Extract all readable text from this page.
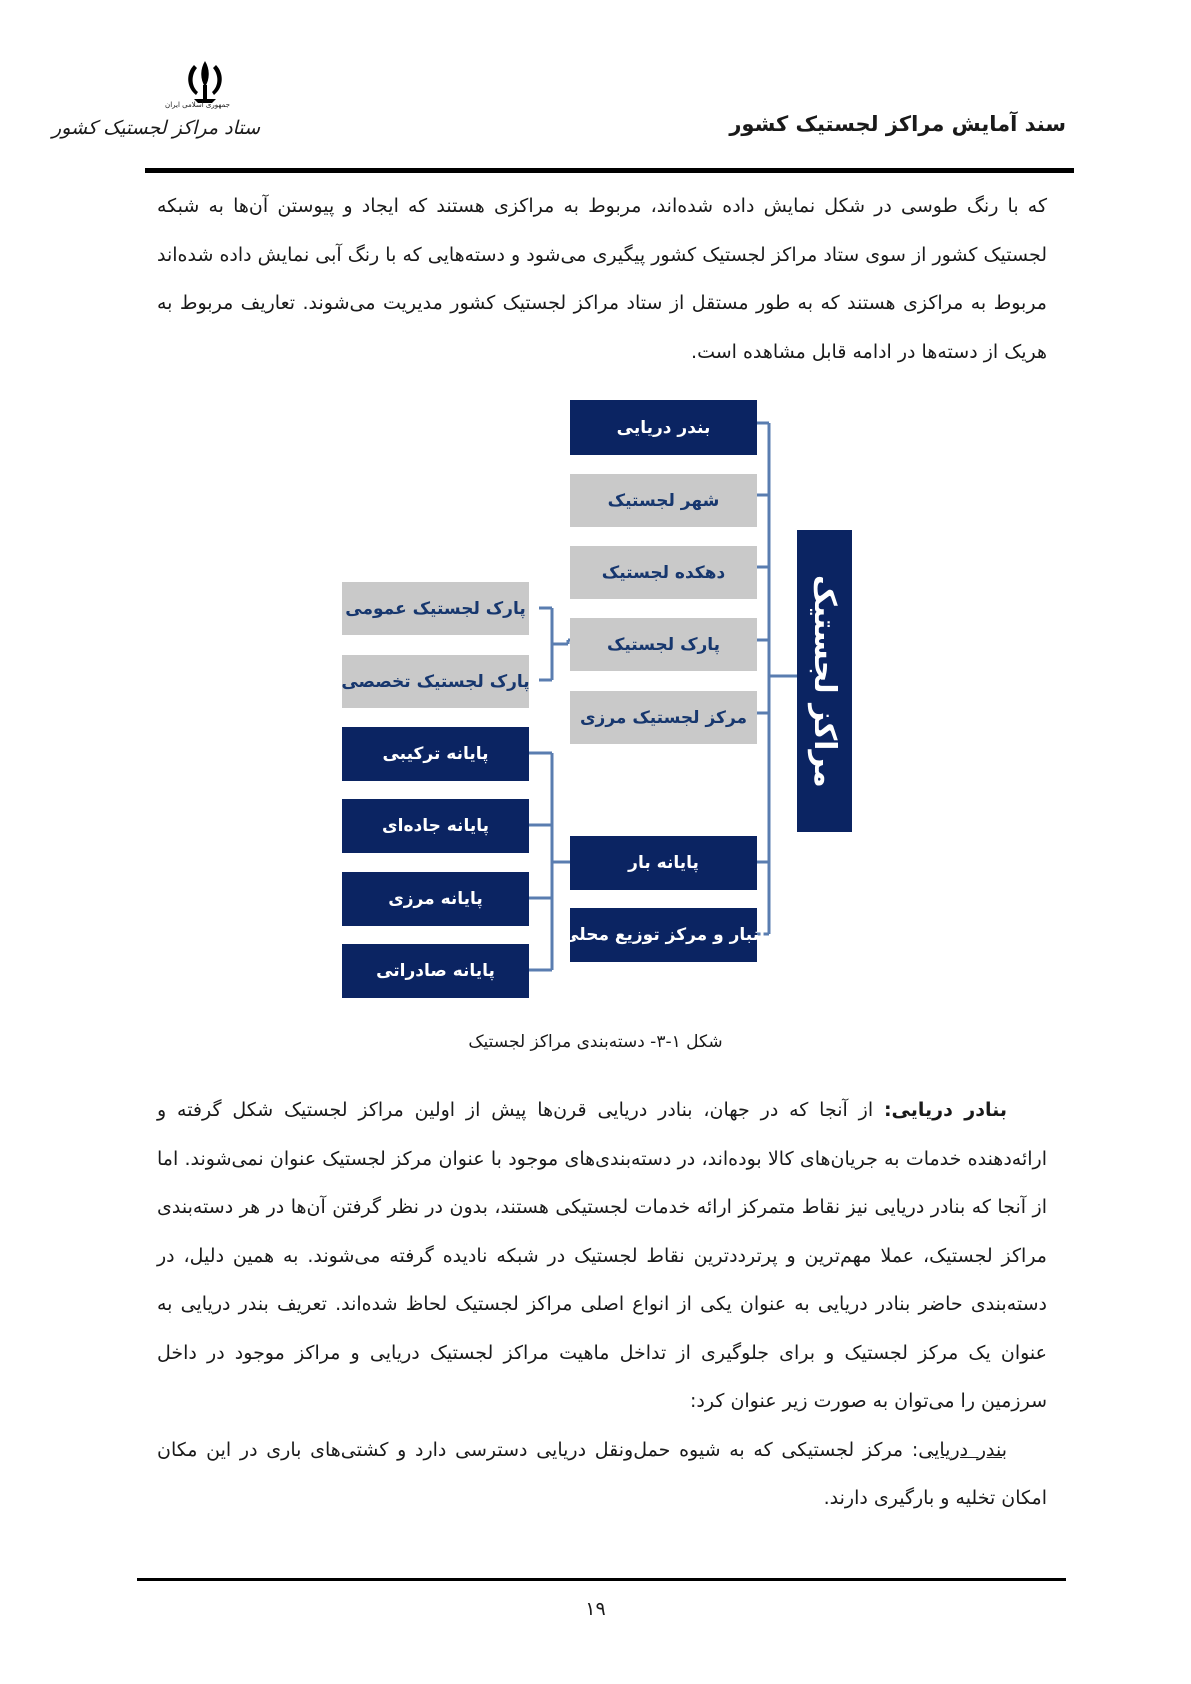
جمهوری اسلامی ایران
ستاد مراکز لجستیک کشور	سند آمایش مراکز لجستیک کشور

که با رنگ طوسی در شکل نمایش داده شده‌اند، مربوط به مراکزی هستند که ایجاد و پیوستن آن‌ها به شبکه لجستیک کشور از سوی ستاد مراکز لجستیک کشور پیگیری می‌شود و دسته‌هایی که با رنگ آبی نمایش داده شده‌اند مربوط به مراکزی هستند که به طور مستقل از ستاد مراکز لجستیک کشور مدیریت می‌شوند. تعاریف مربوط به هریک از دسته‌ها در ادامه قابل مشاهده است.

مراکز لجستیک
بندر دریایی
شهر لجستیک
دهکده لجستیک
پارک لجستیک
مرکز لجستیک مرزی
پایانه بار
انبار و مرکز توزیع محلی
پارک لجستیک عمومی
پارک لجستیک تخصصی
پایانه ترکیبی
پایانه جاده‌ای
پایانه مرزی
پایانه صادراتی
شکل ۱-۳- دسته‌بندی مراکز لجستیک

بنادر دریایی: از آنجا که در جهان، بنادر دریایی قرن‌ها پیش از اولین مراکز لجستیک شکل گرفته و ارائه‌دهنده خدمات به جریان‌های کالا بوده‌اند، در دسته‌بندی‌های موجود با عنوان مرکز لجستیک عنوان نمی‌شوند. اما از آنجا که بنادر دریایی نیز نقاط متمرکز ارائه خدمات لجستیکی هستند، بدون در نظر گرفتن آن‌ها در هر دسته‌بندی مراکز لجستیک، عملا مهم‌ترین و پرترددترین نقاط لجستیک در شبکه نادیده گرفته می‌شوند. به همین دلیل، در دسته‌بندی حاضر بنادر دریایی به عنوان یکی از انواع اصلی مراکز لجستیک لحاظ شده‌اند. تعریف بندر دریایی به عنوان یک مرکز لجستیک و برای جلوگیری از تداخل ماهیت مراکز لجستیک دریایی و مراکز موجود در داخل سرزمین را می‌توان به صورت زیر عنوان کرد:

بندر دریایی: مرکز لجستیکی که به شیوه حمل‌ونقل دریایی دسترسی دارد و کشتی‌های باری در این مکان امکان تخلیه و بارگیری دارند.

۱۹
